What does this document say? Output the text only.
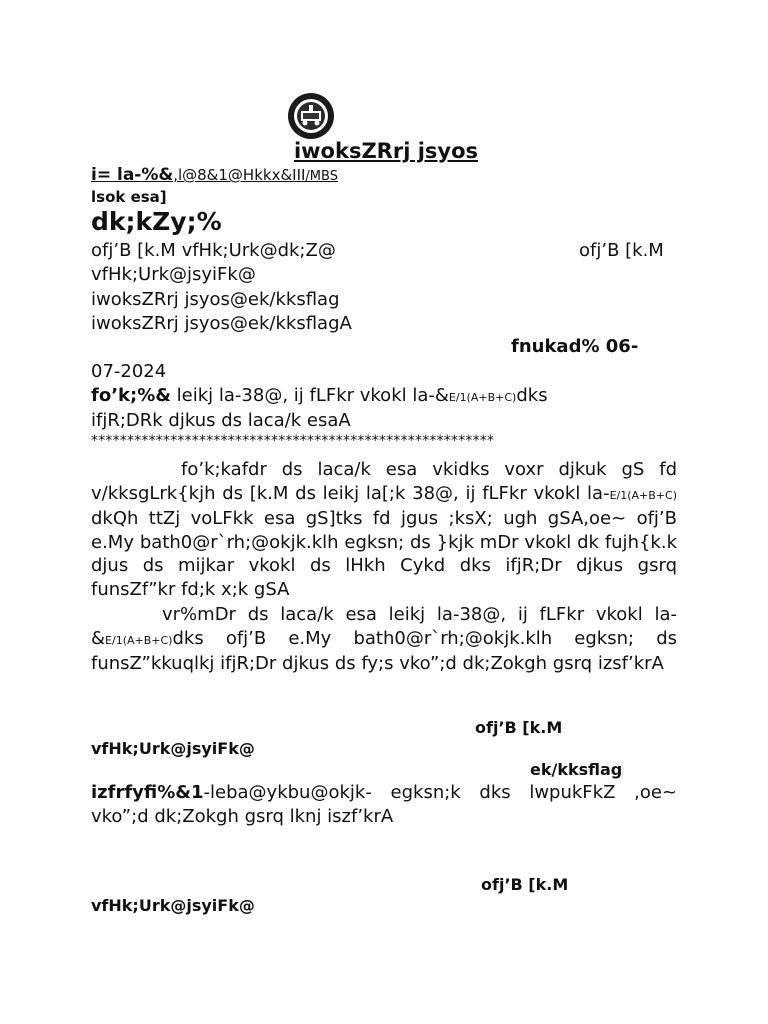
iwoksZRrj jsyos
i= la-%&,l@8&1@Hkkx&III/MBS
lsok esa]
dk;kZy;%
ofj’B [k.M vfHk;Urk@dk;Z@	ofj’B [k.M
vfHk;Urk@jsyiFk@
iwoksZRrj jsyos@ek/kksflag
iwoksZRrj jsyos@ek/kksflagA
fnukad% 06-
07-2024
fo’k;%& leikj la-38@, ij fLFkr vkokl la-&E/1(A+B+C)dks
ifjR;DRk djkus ds laca/k esaA
********************************************************
fo’k;kafdr ds laca/k esa vkidks voxr djkuk gS fd v/kksgLrk{kjh ds [k.M ds leikj la[;k 38@, ij fLFkr vkokl la-E/1(A+B+C) dkQh ttZj voLFkk esa gS]tks fd jgus ;ksX; ugh gSA,oe~ ofj’B e.My bath0@r`rh;@okjk.klh egksn; ds }kjk mDr vkokl dk fujh{k.k djus ds mijkar vkokl ds lHkh Cykd dks ifjR;Dr djkus gsrq funsZf”kr fd;k x;k gSA
vr%mDr ds laca/k esa leikj la-38@, ij fLFkr vkokl la-&E/1(A+B+C)dks ofj’B e.My bath0@r`rh;@okjk.klh egksn; ds funsZ”kkuqlkj ifjR;Dr djkus ds fy;s vko”;d dk;Zokgh gsrq izsf’krA
ofj’B [k.M
vfHk;Urk@jsyiFk@
ek/kksflag
izfrfyfi%&1-leba@ykbu@okjk- egksn;k dks lwpukFkZ ,oe~ vko”;d dk;Zokgh gsrq lknj iszf’krA
ofj’B [k.M
vfHk;Urk@jsyiFk@
